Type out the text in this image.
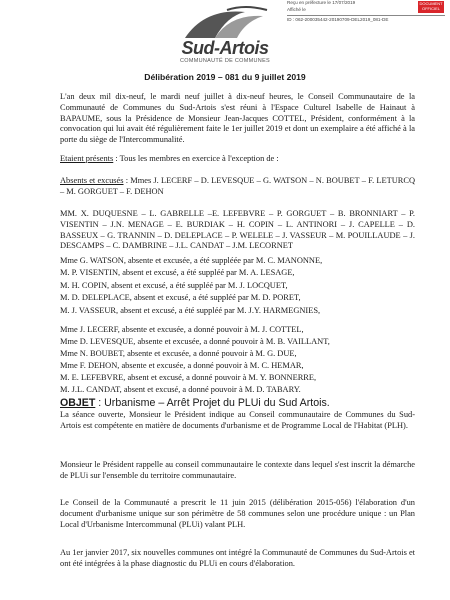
Reçu en préfecture le 17/07/2019
Affiché le
ID : 062-200035442-20190709-DEL2019_081-DE
DOCUMENT OFFICIEL
Sud-Artois
COMMUNAUTÉ DE COMMUNES
Délibération 2019 – 081 du 9 juillet 2019
L'an deux mil dix-neuf, le mardi neuf juillet à dix-neuf heures, le Conseil Communautaire de la Communauté de Communes du Sud-Artois s'est réuni à l'Espace Culturel Isabelle de Hainaut à BAPAUME, sous la Présidence de Monsieur Jean-Jacques COTTEL, Président, conformément à la convocation qui lui avait été régulièrement faite le 1er juillet 2019 et dont un exemplaire a été affiché à la porte du siège de l'Intercommunalité.
Etaient présents : Tous les membres en exercice à l'exception de :
Absents et excusés : Mmes J. LECERF – D. LEVESQUE – G. WATSON – N. BOUBET – F. LETURCQ – M. GORGUET – F. DEHON
MM. X. DUQUESNE – L. GABRELLE –E. LEFEBVRE – P. GORGUET – B. BRONNIART – P. VISENTIN – J.N. MENAGE – E. BURDIAK – H. COPIN – L. ANTINORI – J. CAPELLE – D. BASSEUX – G. TRANNIN – D. DELEPLACE – P. WELELE – J. VASSEUR – M. POUILLAUDE – J. DESCAMPS – C. DAMBRINE – J.L. CANDAT – J.M. LECORNET
Mme G. WATSON, absente et excusée, a été suppléée par M. C. MANONNE,
M. P. VISENTIN, absent et excusé, a été suppléé par M. A. LESAGE,
M. H. COPIN, absent et excusé, a été suppléé par M. J. LOCQUET,
M. D. DELEPLACE, absent et excusé, a été suppléé par M. D. PORET,
M. J. VASSEUR, absent et excusé, a été suppléé par M. J.Y. HARMEGNIES,
Mme J. LECERF, absente et excusée, a donné pouvoir à M. J. COTTEL,
Mme D. LEVESQUE, absente et excusée, a donné pouvoir à M. B. VAILLANT,
OBJET : Urbanisme – Arrêt Projet du PLUi du Sud Artois.
La séance ouverte, Monsieur le Président indique au Conseil communautaire de Communes du Sud-Artois est compétente en matière de documents d'urbanisme et de Programme Local de l'Habitat (PLH).
Monsieur le Président rappelle au conseil communautaire le contexte dans lequel s'est inscrit la démarche de PLUi sur l'ensemble du territoire communautaire.
Le Conseil de la Communauté a prescrit le 11 juin 2015 (délibération 2015-056) l'élaboration d'un document d'urbanisme unique sur son périmètre de 58 communes selon une procédure unique : un Plan Local d'Urbanisme Intercommunal (PLUi) valant PLH.
Au 1er janvier 2017, six nouvelles communes ont intégré la Communauté de Communes du Sud-Artois et ont été intégrées à la phase diagnostic du PLUi en cours d'élaboration.
Mme N. BOUBET, absente et excusée, a donné pouvoir à M. G. DUE,
Mme F. DEHON, absente et excusée, a donné pouvoir à M. C. HEMAR,
M. E. LEFEBVRE, absent et excusé, a donné pouvoir à M. Y. BONNERRE,
M. J.L. CANDAT, absent et excusé, a donné pouvoir à M. D. TABARY.
